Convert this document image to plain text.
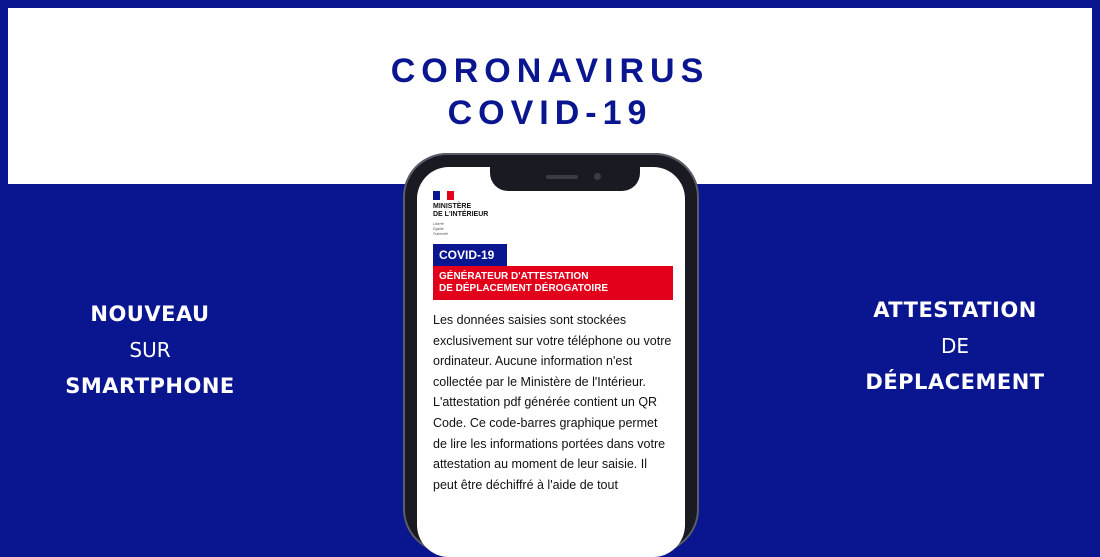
CORONAVIRUS
COVID-19
NOUVEAU
SUR
SMARTPHONE
ATTESTATION
DE
DÉPLACEMENT
MINISTÈRE
DE L'INTÉRIEUR
Liberté
Égalité
Fraternité
COVID-19
GÉNÉRATEUR D'ATTESTATION
DE DÉPLACEMENT DÉROGATOIRE
Les données saisies sont stockées exclusivement sur votre téléphone ou votre ordinateur. Aucune information n'est collectée par le Ministère de l'Intérieur. L'attestation pdf générée contient un QR Code. Ce code-barres graphique permet de lire les informations portées dans votre attestation au moment de leur saisie. Il peut être déchiffré à l'aide de tout
